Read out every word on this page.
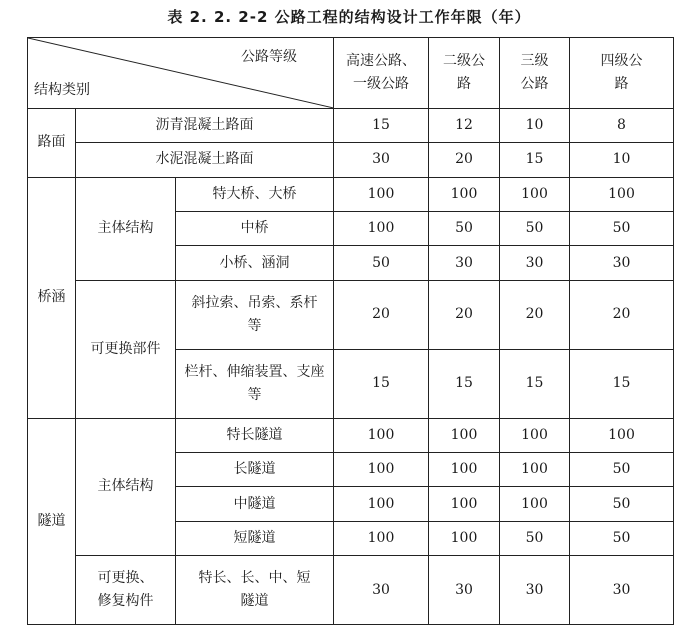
表 2. 2. 2-2 公路工程的结构设计工作年限（年）
公路等级
结构类别			高速公路、一级公路	二级公路	三级公路	四级公路
路面	沥青混凝土路面		15	12	10	8
	水泥混凝土路面		30	20	15	10
桥涵	主体结构	特大桥、大桥	100	100	100	100
		中桥	100	50	50	50
		小桥、涵洞	50	30	30	30
	可更换部件	斜拉索、吊索、系杆等	20	20	20	20
		栏杆、伸缩装置、支座等	15	15	15	15
隧道	主体结构	特长隧道	100	100	100	100
		长隧道	100	100	100	50
		中隧道	100	100	100	50
		短隧道	100	100	50	50
	可更换、修复构件	特长、长、中、短隧道	30	30	30	30
